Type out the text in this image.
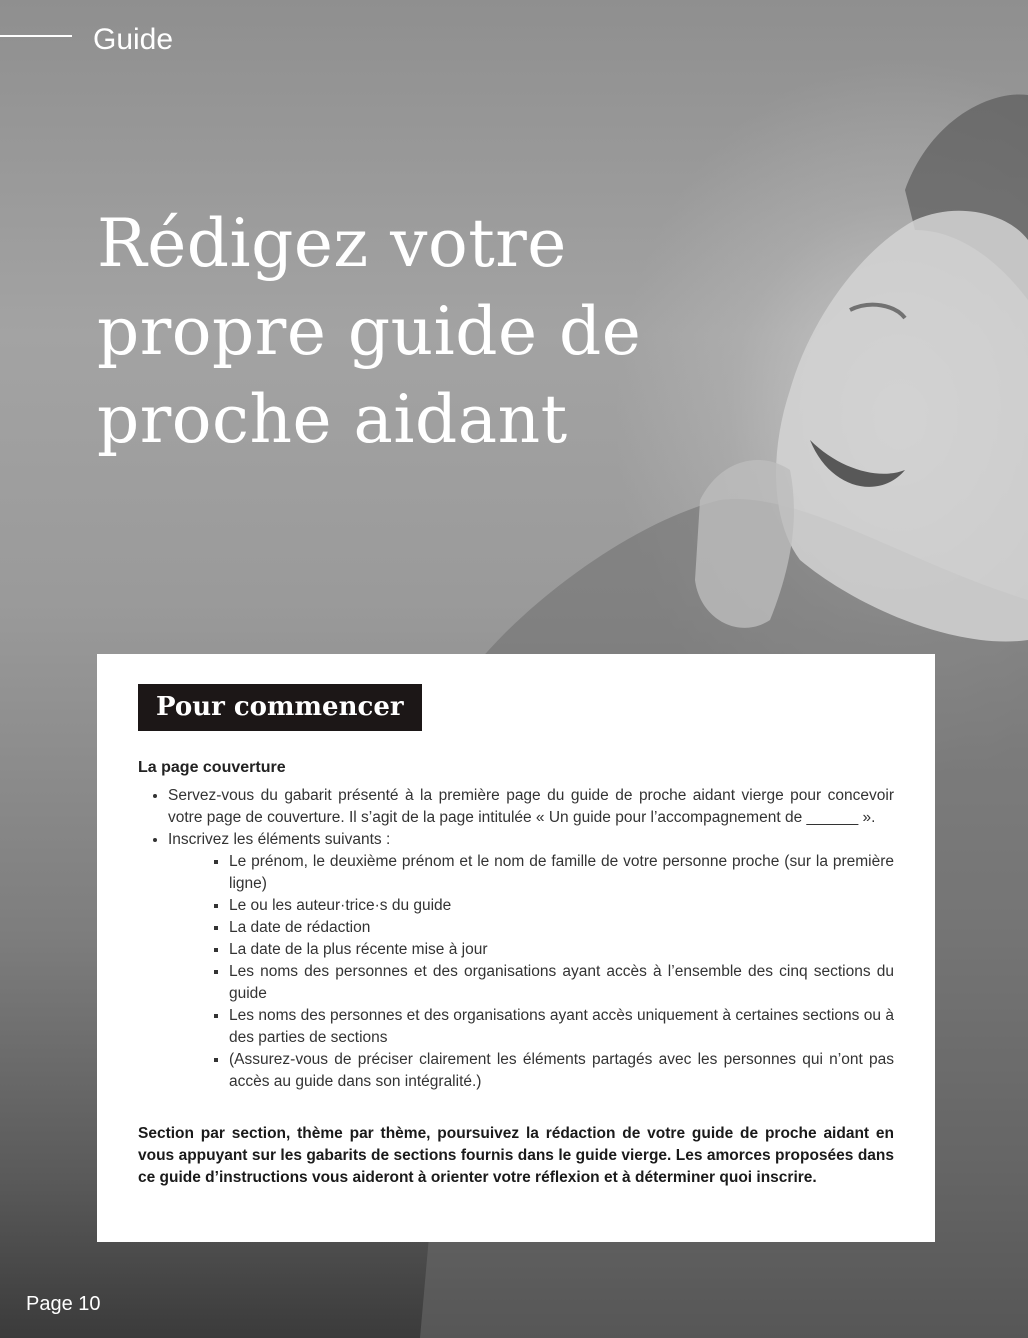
Guide
Rédigez votre propre guide de proche aidant
Pour commencer
La page couverture
• Servez-vous du gabarit présenté à la première page du guide de proche aidant vierge pour concevoir votre page de couverture. Il s’agit de la page intitulée « Un guide pour l’accompagnement de ______ ».
• Inscrivez les éléments suivants :
▪ Le prénom, le deuxième prénom et le nom de famille de votre personne proche (sur la première ligne)
▪ Le ou les auteur·trice·s du guide
▪ La date de rédaction
▪ La date de la plus récente mise à jour
▪ Les noms des personnes et des organisations ayant accès à l’ensemble des cinq sections du guide
▪ Les noms des personnes et des organisations ayant accès uniquement à certaines sections ou à des parties de sections
▪ (Assurez-vous de préciser clairement les éléments partagés avec les personnes qui n’ont pas accès au guide dans son intégralité.)

Section par section, thème par thème, poursuivez la rédaction de votre guide de proche aidant en vous appuyant sur les gabarits de sections fournis dans le guide vierge. Les amorces proposées dans ce guide d’instructions vous aideront à orienter votre réflexion et à déterminer quoi inscrire.

Page 10
